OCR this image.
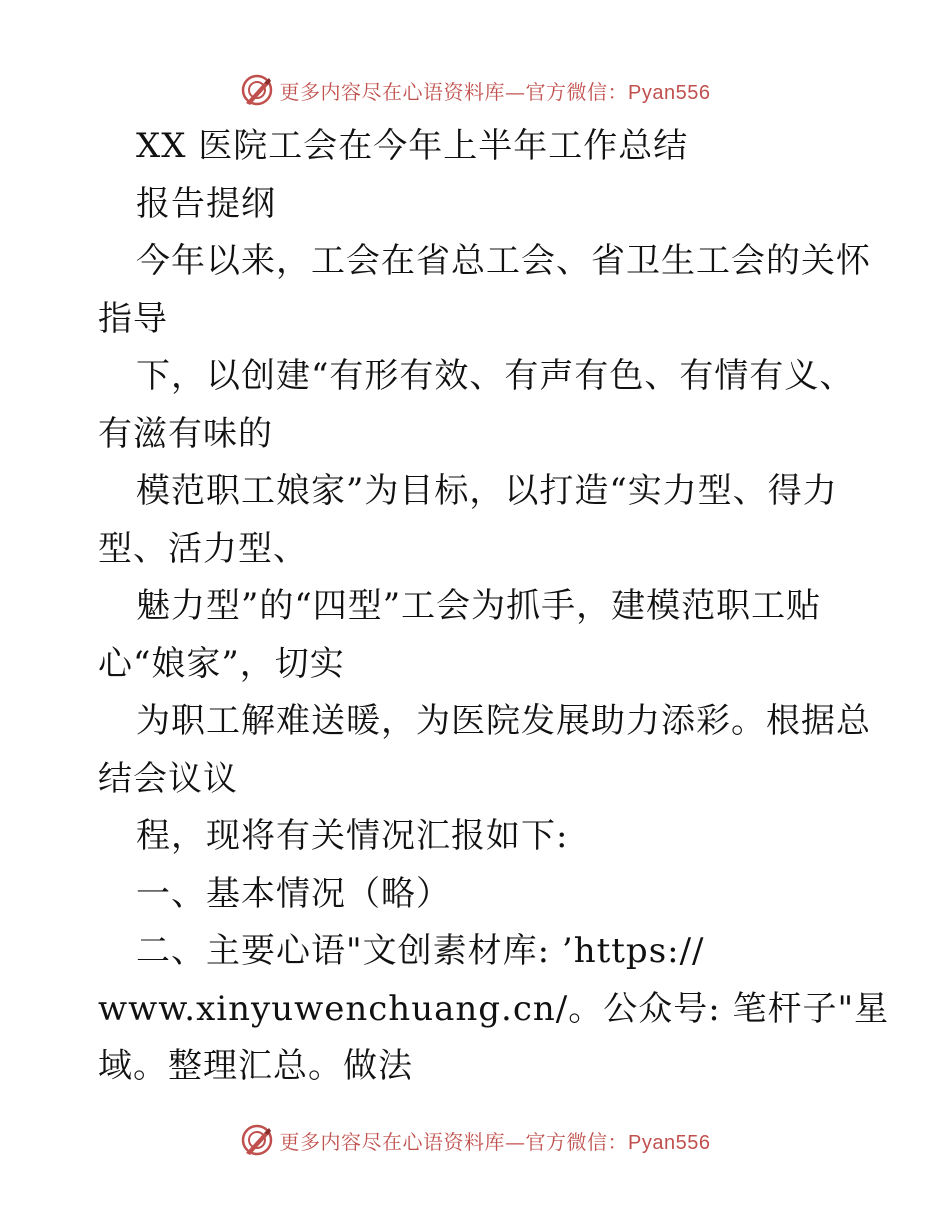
更多内容尽在心语资料库—官方微信：Pyan556
XX 医院工会在今年上半年工作总结
报告提纲
今年以来，工会在省总工会、省卫生工会的关怀
指导
下，以创建“有形有效、有声有色、有情有义、
有滋有味的
模范职工娘家”为目标，以打造“实力型、得力
型、活力型、
魅力型”的“四型”工会为抓手，建模范职工贴
心“娘家”，切实
为职工解难送暖，为医院发展助力添彩。根据总
结会议议
程，现将有关情况汇报如下:
一、基本情况（略）
二、主要心语"文创素材库: ’https://
www.xinyuwenchuang.cn/。公众号: 笔杆子"星
域。整理汇总。做法
更多内容尽在心语资料库—官方微信：Pyan556
